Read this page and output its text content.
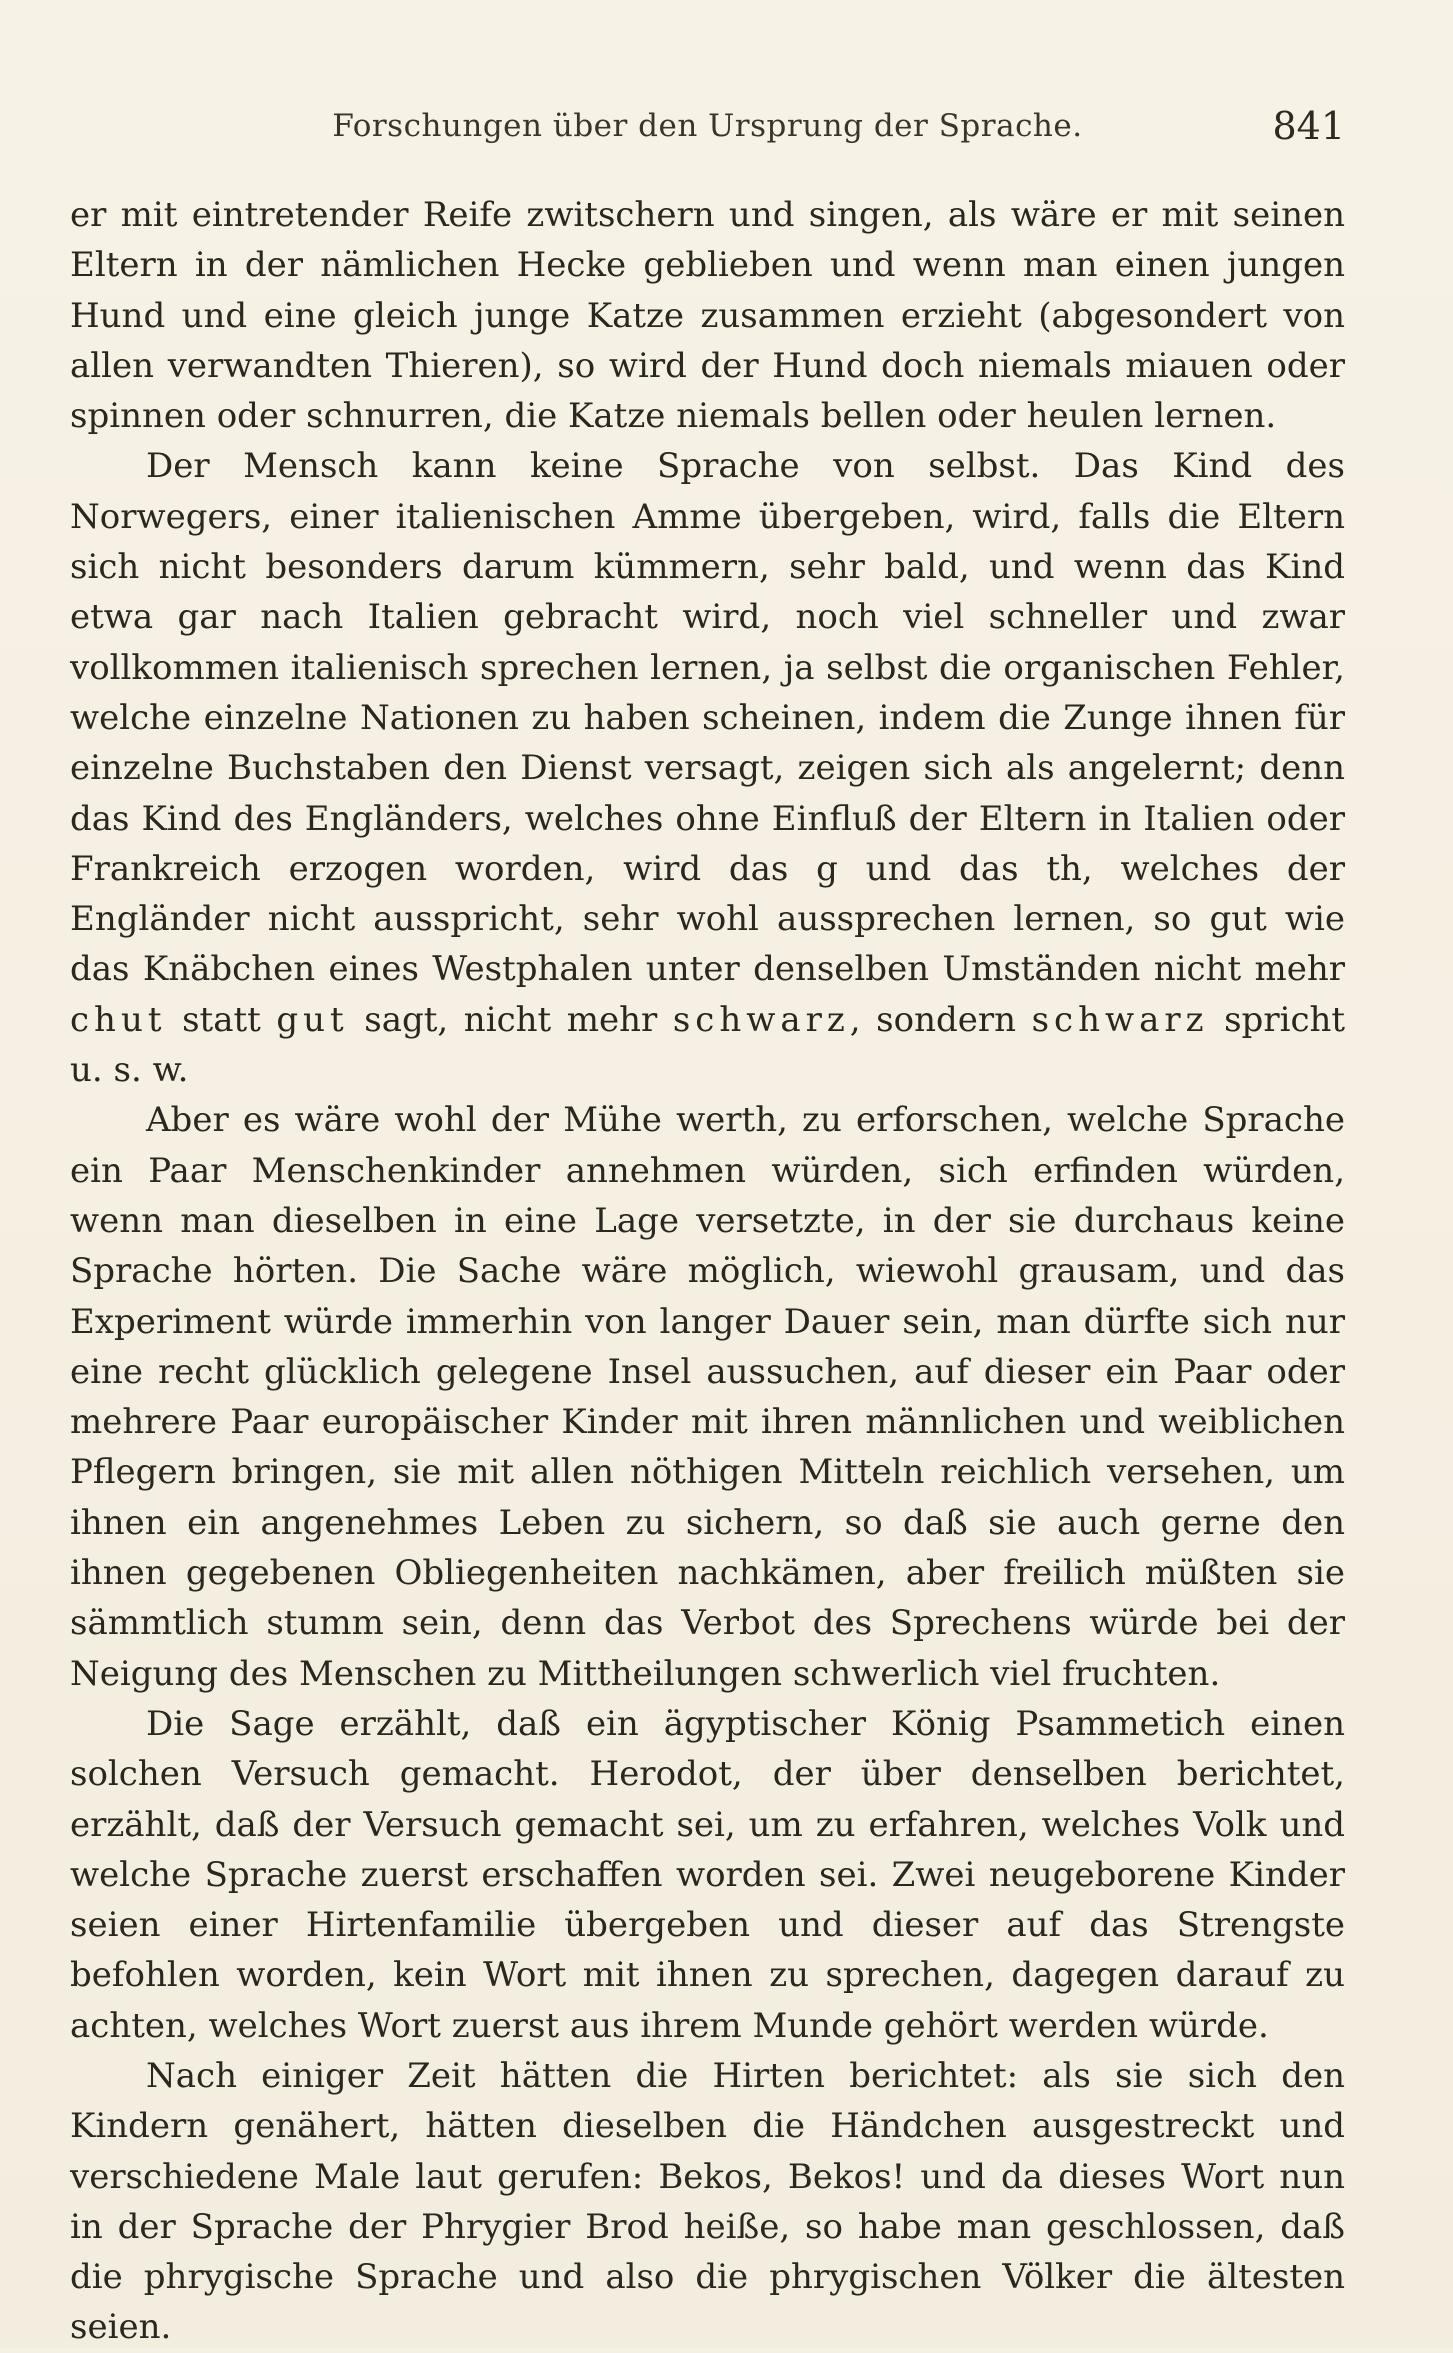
Forschungen über den Ursprung der Sprache.	841

er mit eintretender Reife zwitschern und singen, als wäre er mit seinen Eltern in der nämlichen Hecke geblieben und wenn man einen jungen Hund und eine gleich junge Katze zusammen erzieht (abgesondert von allen verwandten Thieren), so wird der Hund doch niemals miauen oder spinnen oder schnurren, die Katze niemals bellen oder heulen lernen.

Der Mensch kann keine Sprache von selbst. Das Kind des Norwegers, einer italienischen Amme übergeben, wird, falls die Eltern sich nicht besonders darum kümmern, sehr bald, und wenn das Kind etwa gar nach Italien gebracht wird, noch viel schneller und zwar vollkommen italienisch sprechen lernen, ja selbst die organischen Fehler, welche einzelne Nationen zu haben scheinen, indem die Zunge ihnen für einzelne Buchstaben den Dienst versagt, zeigen sich als angelernt; denn das Kind des Engländers, welches ohne Einfluß der Eltern in Italien oder Frankreich erzogen worden, wird das g und das th, welches der Engländer nicht ausspricht, sehr wohl aussprechen lernen, so gut wie das Knäbchen eines Westphalen unter denselben Umständen nicht mehr chut statt gut sagt, nicht mehr schwarz, sondern schwarz spricht u. s. w.

Aber es wäre wohl der Mühe werth, zu erforschen, welche Sprache ein Paar Menschenkinder annehmen würden, sich erfinden würden, wenn man dieselben in eine Lage versetzte, in der sie durchaus keine Sprache hörten. Die Sache wäre möglich, wiewohl grausam, und das Experiment würde immerhin von langer Dauer sein, man dürfte sich nur eine recht glücklich gelegene Insel aussuchen, auf dieser ein Paar oder mehrere Paar europäischer Kinder mit ihren männlichen und weiblichen Pflegern bringen, sie mit allen nöthigen Mitteln reichlich versehen, um ihnen ein angenehmes Leben zu sichern, so daß sie auch gerne den ihnen gegebenen Obliegenheiten nachkämen, aber freilich müßten sie sämmtlich stumm sein, denn das Verbot des Sprechens würde bei der Neigung des Menschen zu Mittheilungen schwerlich viel fruchten.

Die Sage erzählt, daß ein ägyptischer König Psammetich einen solchen Versuch gemacht. Herodot, der über denselben berichtet, erzählt, daß der Versuch gemacht sei, um zu erfahren, welches Volk und welche Sprache zuerst erschaffen worden sei. Zwei neugeborene Kinder seien einer Hirtenfamilie übergeben und dieser auf das Strengste befohlen worden, kein Wort mit ihnen zu sprechen, dagegen darauf zu achten, welches Wort zuerst aus ihrem Munde gehört werden würde.

Nach einiger Zeit hätten die Hirten berichtet: als sie sich den Kindern genähert, hätten dieselben die Händchen ausgestreckt und verschiedene Male laut gerufen: Bekos, Bekos! und da dieses Wort nun in der Sprache der Phrygier Brod heiße, so habe man geschlossen, daß die phrygische Sprache und also die phrygischen Völker die ältesten seien.
